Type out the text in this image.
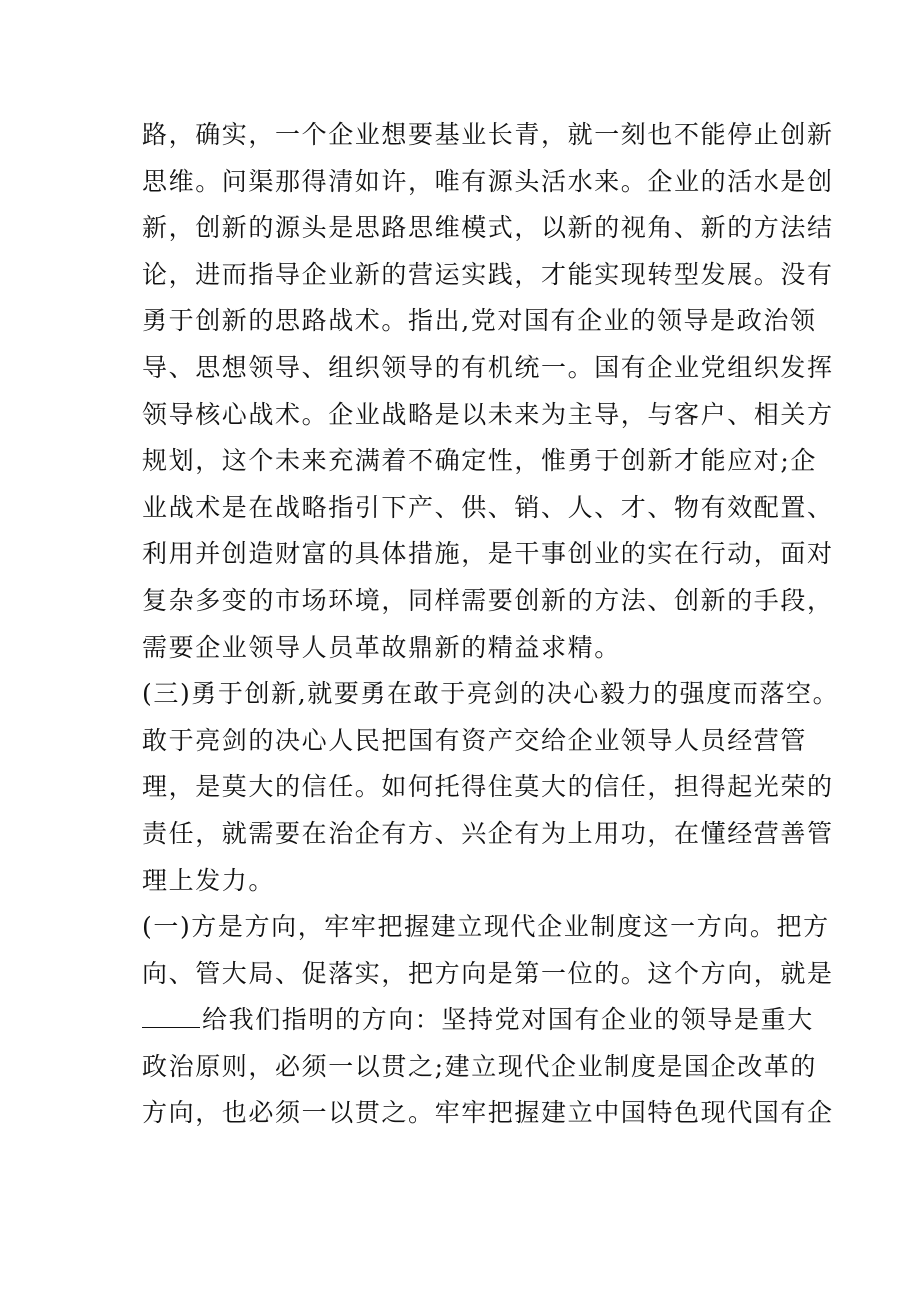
路，确实，一个企业想要基业长青，就一刻也不能停止创新
思维。问渠那得清如许，唯有源头活水来。企业的活水是创
新，创新的源头是思路思维模式，以新的视角、新的方法结
论，进而指导企业新的营运实践，才能实现转型发展。没有
勇于创新的思路战术。指出,党对国有企业的领导是政治领
导、思想领导、组织领导的有机统一。国有企业党组织发挥
领导核心战术。企业战略是以未来为主导，与客户、相关方
规划，这个未来充满着不确定性，惟勇于创新才能应对;企
业战术是在战略指引下产、供、销、人、才、物有效配置、
利用并创造财富的具体措施，是干事创业的实在行动，面对
复杂多变的市场环境，同样需要创新的方法、创新的手段，
需要企业领导人员革故鼎新的精益求精。
(三)勇于创新,就要勇在敢于亮剑的决心毅力的强度而落空。
敢于亮剑的决心人民把国有资产交给企业领导人员经营管
理，是莫大的信任。如何托得住莫大的信任，担得起光荣的
责任，就需要在治企有方、兴企有为上用功，在懂经营善管
理上发力。
(一)方是方向，牢牢把握建立现代企业制度这一方向。把方
向、管大局、促落实，把方向是第一位的。这个方向，就是
给我们指明的方向：坚持党对国有企业的领导是重大
政治原则，必须一以贯之;建立现代企业制度是国企改革的
方向，也必须一以贯之。牢牢把握建立中国特色现代国有企
